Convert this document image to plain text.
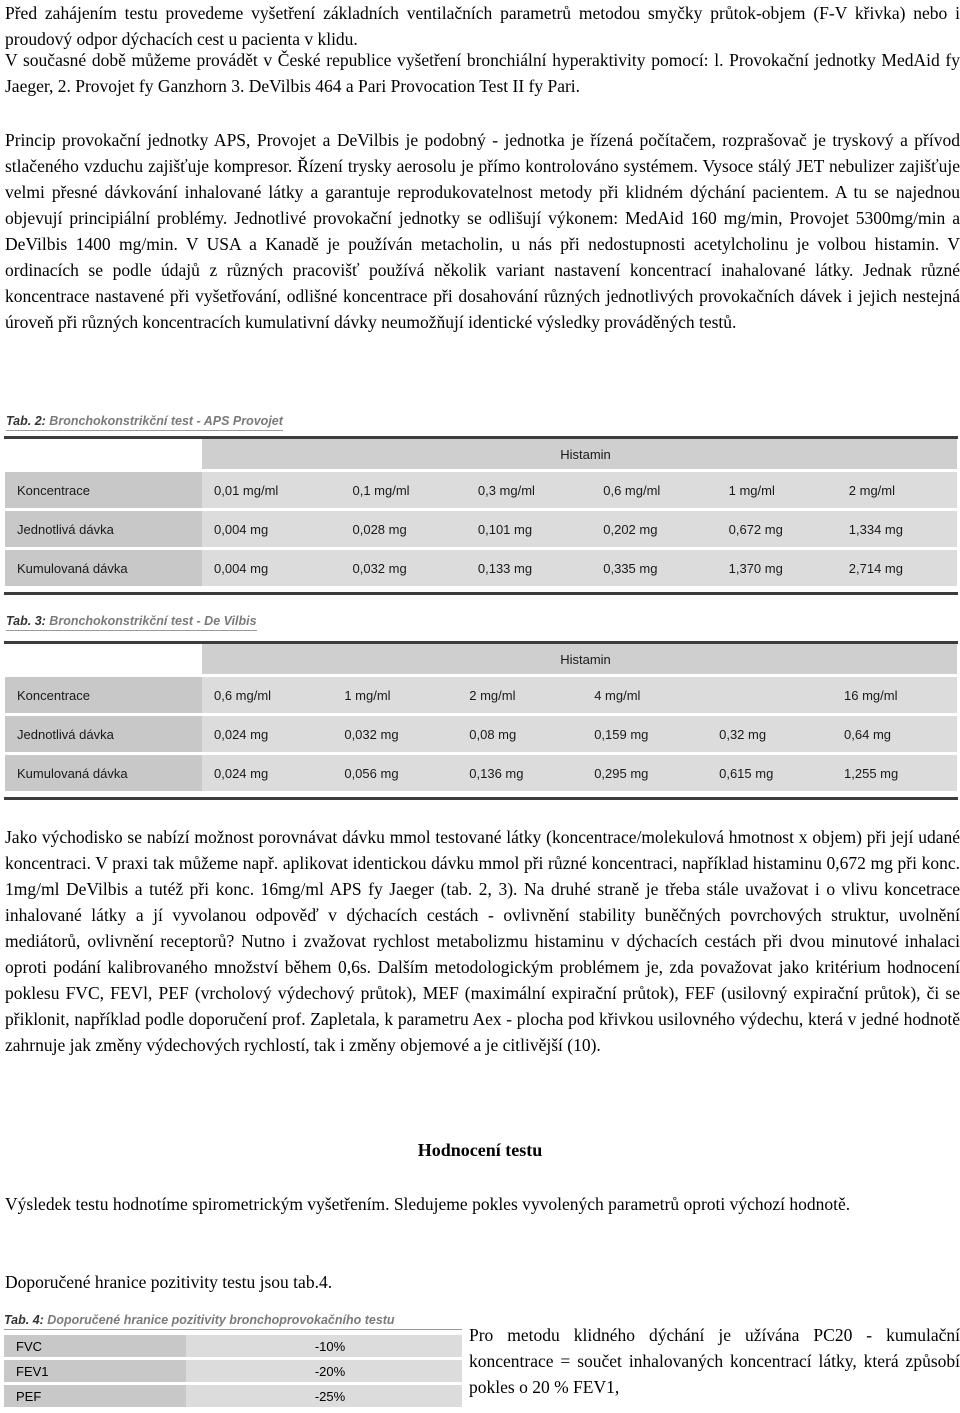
Před zahájením testu provedeme vyšetření základních ventilačních parametrů metodou smyčky průtok-objem (F-V křivka) nebo i proudový odpor dýchacích cest u pacienta v klidu.

V současné době můžeme provádět v České republice vyšetření bronchiální hyperaktivity pomocí: l. Provokační jednotky MedAid fy Jaeger, 2. Provojet fy Ganzhorn 3. DeVilbis 464 a Pari Provocation Test II fy Pari.

Princip provokační jednotky APS, Provojet a DeVilbis je podobný - jednotka je řízená počítačem, rozprašovač je tryskový a přívod stlačeného vzduchu zajišťuje kompresor. Řízení trysky aerosolu je přímo kontrolováno systémem. Vysoce stálý JET nebulizer zajišťuje velmi přesné dávkování inhalované látky a garantuje reprodukovatelnost metody při klidném dýchání pacientem. A tu se najednou objevují principiální problémy. Jednotlivé provokační jednotky se odlišují výkonem: MedAid 160 mg/min, Provojet 5300mg/min a DeVilbis 1400 mg/min. V USA a Kanadě je používán metacholin, u nás při nedostupnosti acetylcholinu je volbou histamin. V ordinacích se podle údajů z různých pracovišť používá několik variant nastavení koncentrací inahalované látky. Jednak různé koncentrace nastavené při vyšetřování, odlišné koncentrace při dosahování různých jednotlivých provokačních dávek i jejich nestejná úroveň při různých koncentracích kumulativní dávky neumožňují identické výsledky prováděných testů.

Tab. 2: Bronchokonstrikční test - APS Provojet
	Histamin					
Koncentrace	0,01 mg/ml	0,1 mg/ml	0,3 mg/ml	0,6 mg/ml	1 mg/ml	2 mg/ml
Jednotlivá dávka	0,004 mg	0,028 mg	0,101 mg	0,202 mg	0,672 mg	1,334 mg
Kumulovaná dávka	0,004 mg	0,032 mg	0,133 mg	0,335 mg	1,370 mg	2,714 mg
Tab. 3: Bronchokonstrikční test - De Vilbis
	Histamin					
Koncentrace	0,6 mg/ml	1 mg/ml	2 mg/ml	4 mg/ml		16 mg/ml
Jednotlivá dávka	0,024 mg	0,032 mg	0,08 mg	0,159 mg	0,32 mg	0,64 mg
Kumulovaná dávka	0,024 mg	0,056 mg	0,136 mg	0,295 mg	0,615 mg	1,255 mg

Jako východisko se nabízí možnost porovnávat dávku mmol testované látky (koncentrace/molekulová hmotnost x objem) při její udané koncentraci. V praxi tak můžeme např. aplikovat identickou dávku mmol při různé koncentraci, například histaminu 0,672 mg při konc. 1mg/ml DeVilbis a tutéž při konc. 16mg/ml APS fy Jaeger (tab. 2, 3). Na druhé straně je třeba stále uvažovat i o vlivu koncetrace inhalované látky a jí vyvolanou odpověď v dýchacích cestách - ovlivnění stability buněčných povrchových struktur, uvolnění mediátorů, ovlivnění receptorů? Nutno i zvažovat rychlost metabolizmu histaminu v dýchacích cestách při dvou minutové inhalaci oproti podání kalibrovaného množství během 0,6s. Dalším metodologickým problémem je, zda považovat jako kritérium hodnocení poklesu FVC, FEVl, PEF (vrcholový výdechový průtok), MEF (maximální expirační průtok), FEF (usilovný expirační průtok), či se přiklonit, například podle doporučení prof. Zapletala, k parametru Aex - plocha pod křivkou usilovného výdechu, která v jedné hodnotě zahrnuje jak změny výdechových rychlostí, tak i změny objemové a je citlivější (10).

Hodnocení testu

Výsledek testu hodnotíme spirometrickým vyšetřením. Sledujeme pokles vyvolených parametrů oproti výchozí hodnotě.

Doporučené hranice pozitivity testu jsou tab.4.

Tab. 4: Doporučené hranice pozitivity bronchoprovokačního testu
FVC	-10%
FEV1	-20%
PEF	-25%

Pro metodu klidného dýchání je užívána PC20 - kumulační koncentrace = součet inhalovaných koncentrací látky, která způsobí pokles o 20 % FEV1,
